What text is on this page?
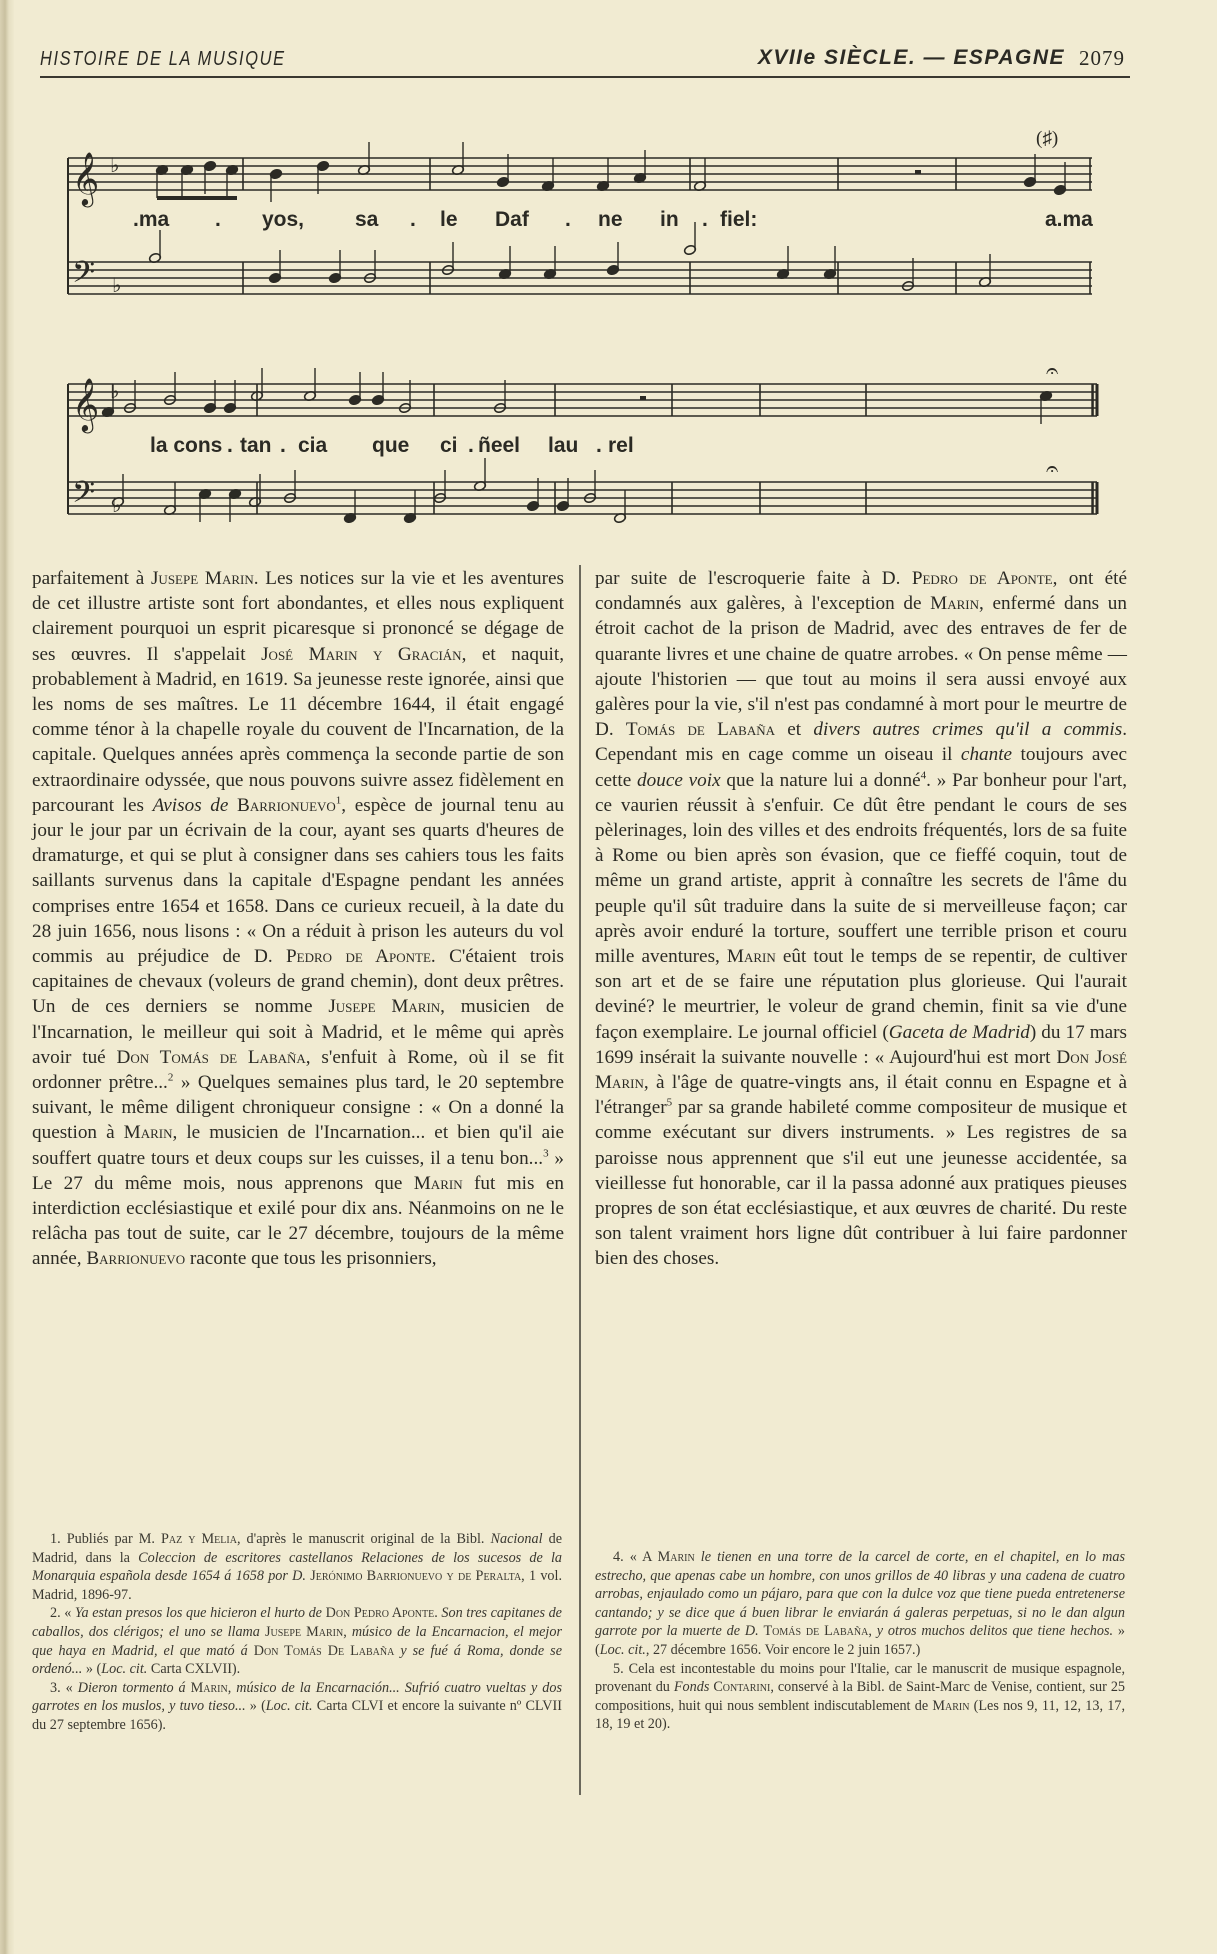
HISTOIRE DE LA MUSIQUE	XVIIe SIÈCLE. — ESPAGNE 2079
𝄞
𝄢
♭
♭
𝄞
𝄢
♭
♭
𝄐
𝄐
(♯)
.ma . yos, sa . le Daf . ne in . fiel:	a.ma
la cons . tan . cia que ci . ñeel lau . rel

parfaitement à Jusepe Marin. Les notices sur la vie et les aventures de cet illustre artiste sont fort abondantes, et elles nous expliquent clairement pourquoi un esprit picaresque si prononcé se dégage de ses œuvres. Il s'appelait José Marin y Gracián, et naquit, probablement à Madrid, en 1619. Sa jeunesse reste ignorée, ainsi que les noms de ses maîtres. Le 11 décembre 1644, il était engagé comme ténor à la chapelle royale du couvent de l'Incarnation, de la capitale. Quelques années après commença la seconde partie de son extraordinaire odyssée, que nous pouvons suivre assez fidèlement en parcourant les Avisos de Barrionuevo$^1$, espèce de journal tenu au jour le jour par un écrivain de la cour, ayant ses quarts d'heures de dramaturge, et qui se plut à consigner dans ses cahiers tous les faits saillants survenus dans la capitale d'Espagne pendant les années comprises entre 1654 et 1658. Dans ce curieux recueil, à la date du 28 juin 1656, nous lisons : « On a réduit à prison les auteurs du vol commis au préjudice de D. Pedro de Aponte. C'étaient trois capitaines de chevaux (voleurs de grand chemin), dont deux prêtres. Un de ces derniers se nomme Jusepe Marin, musicien de l'Incarnation, le meilleur qui soit à Madrid, et le même qui après avoir tué Don Tomás de Labaña, s'enfuit à Rome, où il se fit ordonner prêtre...$^2$ » Quelques semaines plus tard, le 20 septembre suivant, le même diligent chroniqueur consigne : « On a donné la question à Marin, le musicien de l'Incarnation... et bien qu'il aie souffert quatre tours et deux coups sur les cuisses, il a tenu bon...$^3$ » Le 27 du même mois, nous apprenons que Marin fut mis en interdiction ecclésiastique et exilé pour dix ans. Néanmoins on ne le relâcha pas tout de suite, car le 27 décembre, toujours de la même année, Barrionuevo raconte que tous les prisonniers,

par suite de l'escroquerie faite à D. Pedro de Aponte, ont été condamnés aux galères, à l'exception de Marin, enfermé dans un étroit cachot de la prison de Madrid, avec des entraves de fer de quarante livres et une chaine de quatre arrobes. « On pense même — ajoute l'historien — que tout au moins il sera aussi envoyé aux galères pour la vie, s'il n'est pas condamné à mort pour le meurtre de D. Tomás de Labaña et divers autres crimes qu'il a commis. Cependant mis en cage comme un oiseau il chante toujours avec cette douce voix que la nature lui a donné$^4$. » Par bonheur pour l'art, ce vaurien réussit à s'enfuir. Ce dût être pendant le cours de ses pèlerinages, loin des villes et des endroits fréquentés, lors de sa fuite à Rome ou bien après son évasion, que ce fieffé coquin, tout de même un grand artiste, apprit à connaître les secrets de l'âme du peuple qu'il sût traduire dans la suite de si merveilleuse façon; car après avoir enduré la torture, souffert une terrible prison et couru mille aventures, Marin eût tout le temps de se repentir, de cultiver son art et de se faire une réputation plus glorieuse. Qui l'aurait deviné? le meurtrier, le voleur de grand chemin, finit sa vie d'une façon exemplaire. Le journal officiel (Gaceta de Madrid) du 17 mars 1699 insérait la suivante nouvelle : « Aujourd'hui est mort Don José Marin, à l'âge de quatre-vingts ans, il était connu en Espagne et à l'étranger$^5$ par sa grande habileté comme compositeur de musique et comme exécutant sur divers instruments. » Les registres de sa paroisse nous apprennent que s'il eut une jeunesse accidentée, sa vieillesse fut honorable, car il la passa adonné aux pratiques pieuses propres de son état ecclésiastique, et aux œuvres de charité. Du reste son talent vraiment hors ligne dût contribuer à lui faire pardonner bien des choses.

1. Publiés par M. Paz y Melia, d'après le manuscrit original de la Bibl. Nacional de Madrid, dans la Coleccion de escritores castellanos Relaciones de los sucesos de la Monarquia española desde 1654 á 1658 por D. Jerónimo Barrionuevo y de Peralta, 1 vol. Madrid, 1896-97.

2. « Ya estan presos los que hicieron el hurto de Don Pedro Aponte. Son tres capitanes de caballos, dos clérigos; el uno se llama Jusepe Marin, músico de la Encarnacion, el mejor que haya en Madrid, el que mató á Don Tomás De Labaña y se fué á Roma, donde se ordenó... » (Loc. cit. Carta CXLVII).

3. « Dieron tormento á Marin, músico de la Encarnación... Sufrió cuatro vueltas y dos garrotes en los muslos, y tuvo tieso... » (Loc. cit. Carta CLVI et encore la suivante nº CLVII du 27 septembre 1656).

4. « A Marin le tienen en una torre de la carcel de corte, en el chapitel, en lo mas estrecho, que apenas cabe un hombre, con unos grillos de 40 libras y una cadena de cuatro arrobas, enjaulado como un pájaro, para que con la dulce voz que tiene pueda entretenerse cantando; y se dice que á buen librar le enviarán á galeras perpetuas, si no le dan algun garrote por la muerte de D. Tomás de Labaña, y otros muchos delitos que tiene hechos. » (Loc. cit., 27 décembre 1656. Voir encore le 2 juin 1657.)

5. Cela est incontestable du moins pour l'Italie, car le manuscrit de musique espagnole, provenant du Fonds Contarini, conservé à la Bibl. de Saint-Marc de Venise, contient, sur 25 compositions, huit qui nous semblent indiscutablement de Marin (Les nos 9, 11, 12, 13, 17, 18, 19 et 20).
